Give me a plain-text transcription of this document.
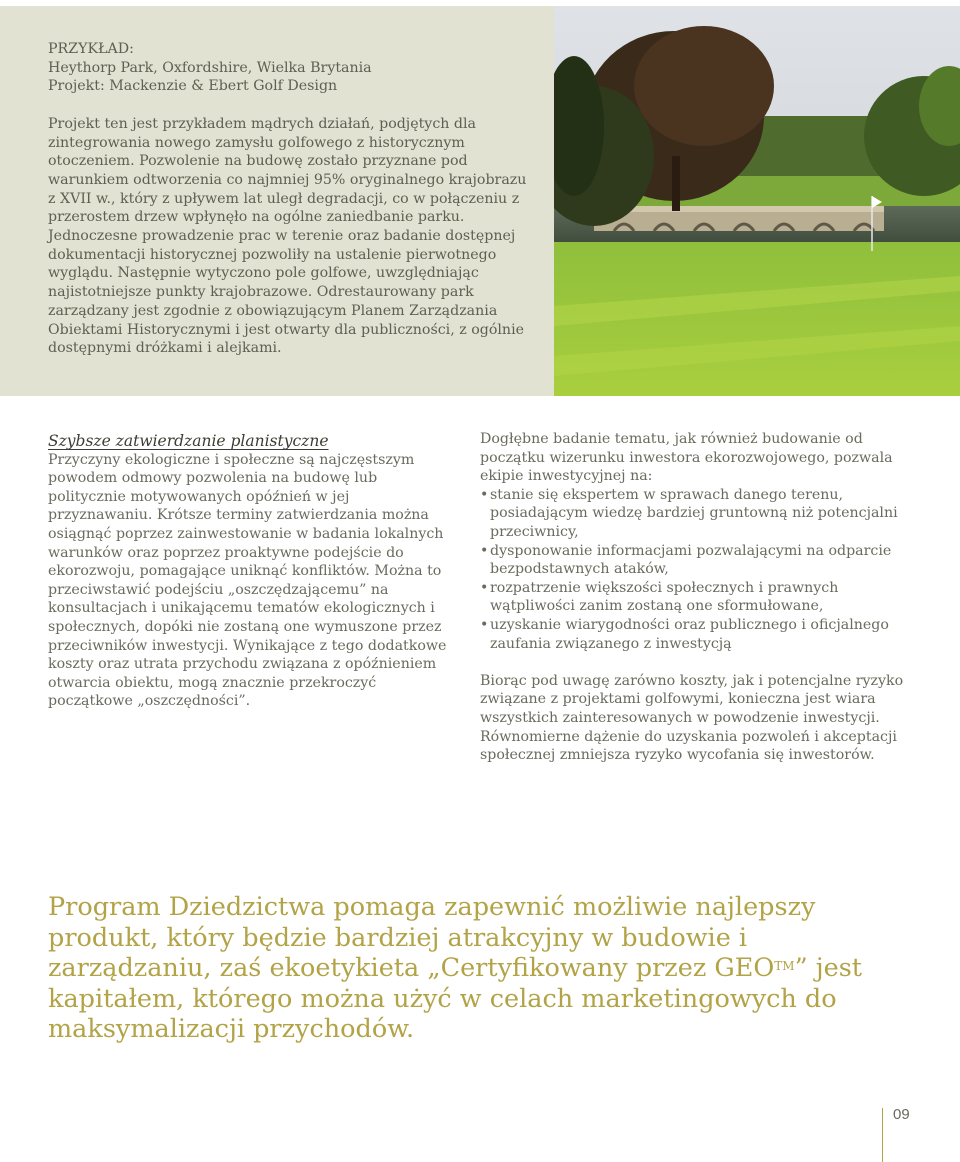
PRZYKŁAD:
Heythorp Park, Oxfordshire, Wielka Brytania
Projekt: Mackenzie & Ebert Golf Design

Projekt ten jest przykładem mądrych działań, podjętych dla zintegrowania nowego zamysłu golfowego z historycznym otoczeniem. Pozwolenie na budowę zostało przyznane pod warunkiem odtworzenia co najmniej 95% oryginalnego krajobrazu z XVII w., który z upływem lat uległ degradacji, co w połączeniu z przerostem drzew wpłynęło na ogólne zaniedbanie parku. Jednoczesne prowadzenie prac w terenie oraz badanie dostępnej dokumentacji historycznej pozwoliły na ustalenie pierwotnego wyglądu. Następnie wytyczono pole golfowe, uwzględniając najistotniejsze punkty krajobrazowe. Odrestaurowany park zarządzany jest zgodnie z obowiązującym Planem Zarządzania Obiektami Historycznymi i jest otwarty dla publiczności, z ogólnie dostępnymi dróżkami i alejkami.

Szybsze zatwierdzanie planistyczne

Przyczyny ekologiczne i społeczne są najczęstszym powodem odmowy pozwolenia na budowę lub politycznie motywowanych opóźnień w jej przyznawaniu. Krótsze terminy zatwierdzania można osiągnąć poprzez zainwestowanie w badania lokalnych warunków oraz poprzez proaktywne podejście do ekorozwoju, pomagające uniknąć konfliktów. Można to przeciwstawić podejściu „oszczędzającemu” na konsultacjach i unikającemu tematów ekologicznych i społecznych, dopóki nie zostaną one wymuszone przez przeciwników inwestycji. Wynikające z tego dodatkowe koszty oraz utrata przychodu związana z opóźnieniem otwarcia obiektu, mogą znacznie przekroczyć początkowe „oszczędności”.

Dogłębne badanie tematu, jak również budowanie od początku wizerunku inwestora ekorozwojowego, pozwala ekipie inwestycyjnej na:

• stanie się ekspertem w sprawach danego terenu, posiadającym wiedzę bardziej gruntowną niż potencjalni przeciwnicy,
• dysponowanie informacjami pozwalającymi na odparcie bezpodstawnych ataków,
• rozpatrzenie większości społecznych i prawnych wątpliwości zanim zostaną one sformułowane,
• uzyskanie wiarygodności oraz publicznego i oficjalnego zaufania związanego z inwestycją

Biorąc pod uwagę zarówno koszty, jak i potencjalne ryzyko związane z projektami golfowymi, konieczna jest wiara wszystkich zainteresowanych w powodzenie inwestycji. Równomierne dążenie do uzyskania pozwoleń i akceptacji społecznej zmniejsza ryzyko wycofania się inwestorów.

Program Dziedzictwa pomaga zapewnić możliwie najlepszy produkt, który będzie bardziej atrakcyjny w budowie i zarządzaniu, zaś ekoetykieta „Certyfikowany przez GEO™” jest kapitałem, którego można użyć w celach marketingowych do maksymalizacji przychodów.
09
